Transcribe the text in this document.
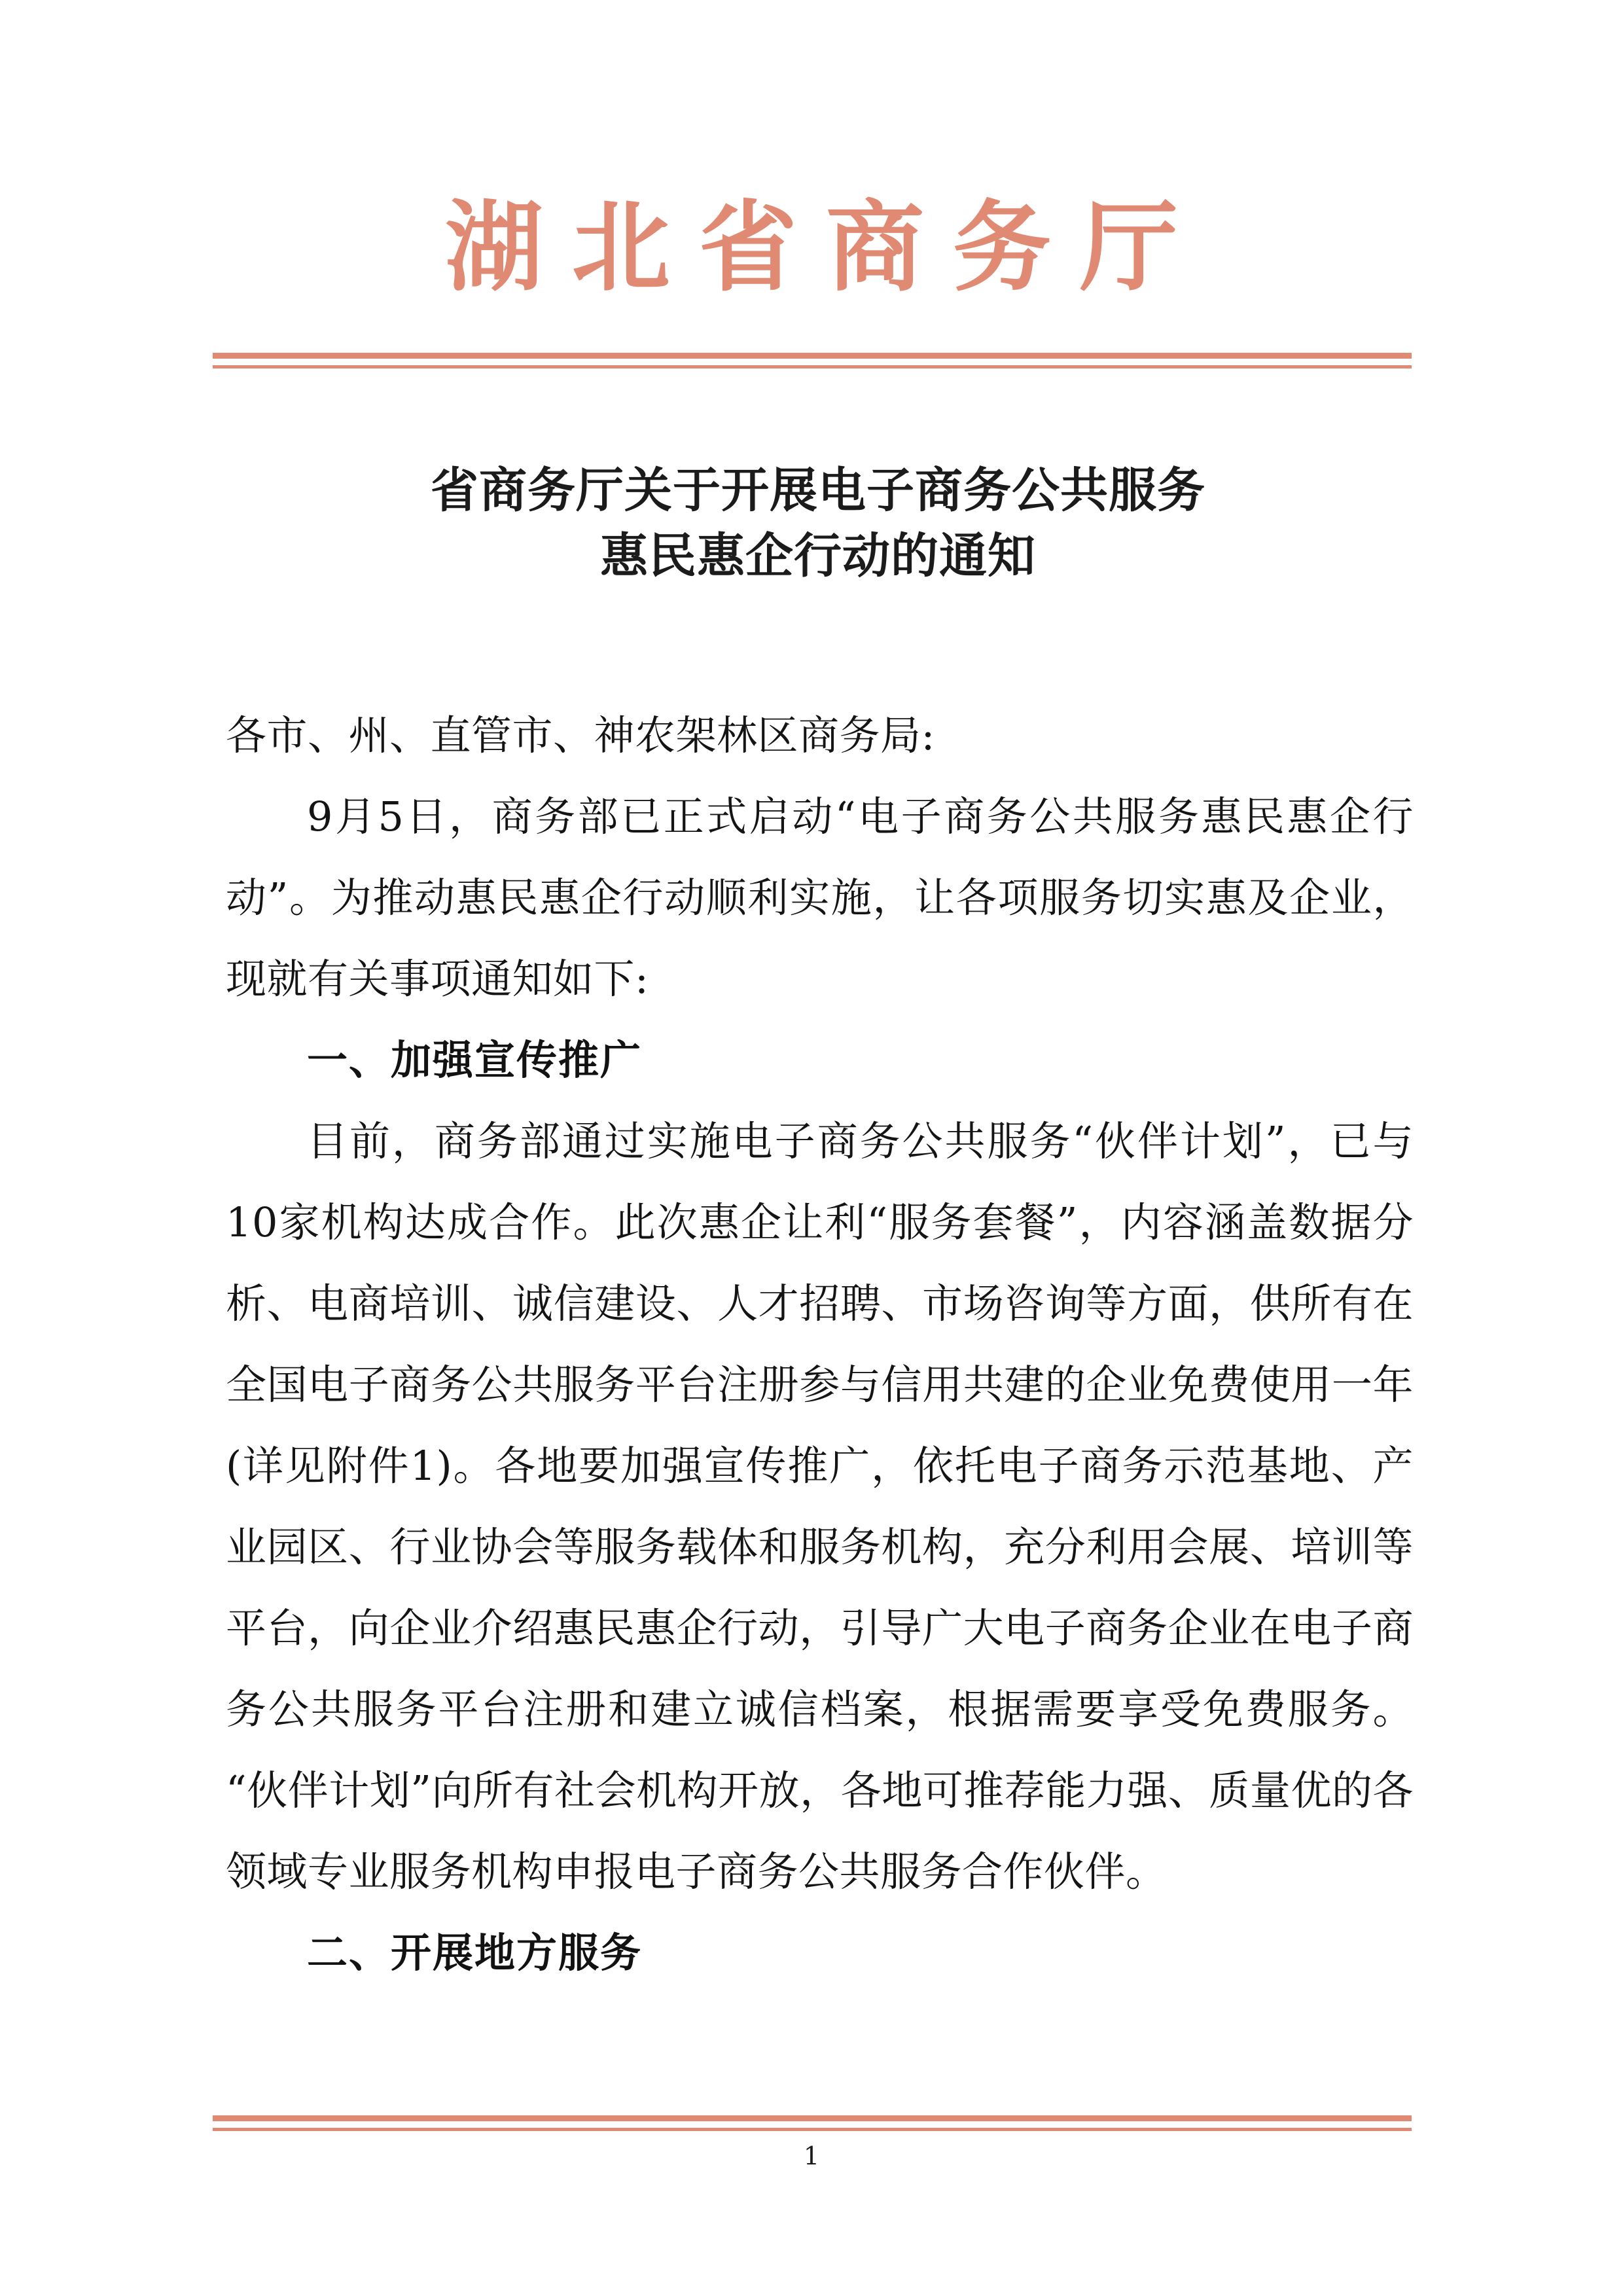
湖北省商务厅
省商务厅关于开展电子商务公共服务
惠民惠企行动的通知

各市、州、直管市、神农架林区商务局:

9月5日，商务部已正式启动“电子商务公共服务惠民惠企行动”。为推动惠民惠企行动顺利实施，让各项服务切实惠及企业，现就有关事项通知如下:

一、加强宣传推广

目前，商务部通过实施电子商务公共服务“伙伴计划”，已与10家机构达成合作。此次惠企让利“服务套餐”，内容涵盖数据分析、电商培训、诚信建设、人才招聘、市场咨询等方面，供所有在全国电子商务公共服务平台注册参与信用共建的企业免费使用一年(详见附件1)。各地要加强宣传推广，依托电子商务示范基地、产业园区、行业协会等服务载体和服务机构，充分利用会展、培训等平台，向企业介绍惠民惠企行动，引导广大电子商务企业在电子商务公共服务平台注册和建立诚信档案，根据需要享受免费服务。“伙伴计划”向所有社会机构开放，各地可推荐能力强、质量优的各领域专业服务机构申报电子商务公共服务合作伙伴。

二、开展地方服务

1
